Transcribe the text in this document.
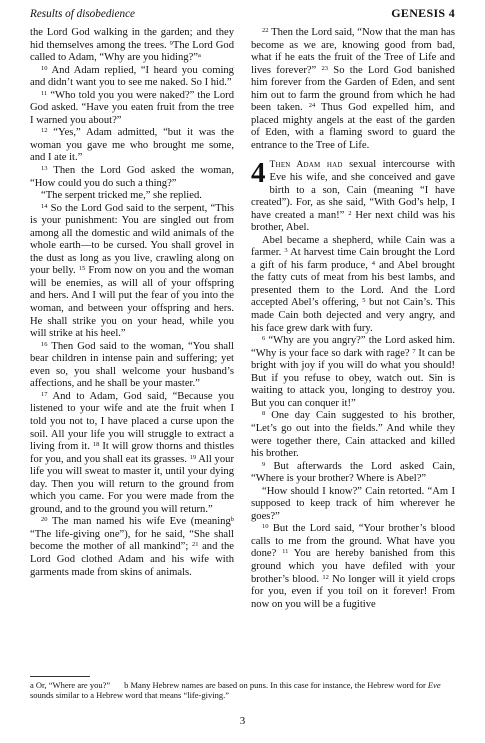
Results of disobedience	GENESIS 4

the Lord God walking in the garden; and they hid themselves among the trees. $^9$The Lord God called to Adam, “Why are you hiding?”$^a$

$^{10}$ And Adam replied, “I heard you coming and didn’t want you to see me naked. So I hid.”

$^{11}$ “Who told you you were naked?” the Lord God asked. “Have you eaten fruit from the tree I warned you about?”

$^{12}$ “Yes,” Adam admitted, “but it was the woman you gave me who brought me some, and I ate it.”

$^{13}$ Then the Lord God asked the woman, “How could you do such a thing?”

“The serpent tricked me,” she replied.

$^{14}$ So the Lord God said to the serpent, “This is your punishment: You are singled out from among all the domestic and wild animals of the whole earth—to be cursed. You shall grovel in the dust as long as you live, crawling along on your belly. $^{15}$ From now on you and the woman will be enemies, as will all of your offspring and hers. And I will put the fear of you into the woman, and between your offspring and hers. He shall strike you on your head, while you will strike at his heel.”

$^{16}$ Then God said to the woman, “You shall bear children in intense pain and suffering; yet even so, you shall welcome your husband’s affections, and he shall be your master.”

$^{17}$ And to Adam, God said, “Because you listened to your wife and ate the fruit when I told you not to, I have placed a curse upon the soil. All your life you will struggle to extract a living from it. $^{18}$ It will grow thorns and thistles for you, and you shall eat its grasses. $^{19}$ All your life you will sweat to master it, until your dying day. Then you will return to the ground from which you came. For you were made from the ground, and to the ground you will return.”

$^{20}$ The man named his wife Eve (meaning$^b$ “The life-giving one”), for he said, “She shall become the mother of all mankind”; $^{21}$ and the Lord God clothed Adam and his wife with garments made from skins of animals.

$^{22}$ Then the Lord said, “Now that the man has become as we are, knowing good from bad, what if he eats the fruit of the Tree of Life and lives forever?” $^{23}$ So the Lord God banished him forever from the Garden of Eden, and sent him out to farm the ground from which he had been taken. $^{24}$ Thus God expelled him, and placed mighty angels at the east of the garden of Eden, with a flaming sword to guard the entrance to the Tree of Life.

4 Then Adam had sexual intercourse with Eve his wife, and she conceived and gave birth to a son, Cain (meaning “I have created”). For, as she said, “With God’s help, I have created a man!” $^2$ Her next child was his brother, Abel.

Abel became a shepherd, while Cain was a farmer. $^3$ At harvest time Cain brought the Lord a gift of his farm produce, $^4$ and Abel brought the fatty cuts of meat from his best lambs, and presented them to the Lord. And the Lord accepted Abel’s offering, $^5$ but not Cain’s. This made Cain both dejected and very angry, and his face grew dark with fury.

$^6$ “Why are you angry?” the Lord asked him. “Why is your face so dark with rage? $^7$ It can be bright with joy if you will do what you should! But if you refuse to obey, watch out. Sin is waiting to attack you, longing to destroy you. But you can conquer it!”

$^8$ One day Cain suggested to his brother, “Let’s go out into the fields.” And while they were together there, Cain attacked and killed his brother.

$^9$ But afterwards the Lord asked Cain, “Where is your brother? Where is Abel?”

“How should I know?” Cain retorted. “Am I supposed to keep track of him wherever he goes?”

$^{10}$ But the Lord said, “Your brother’s blood calls to me from the ground. What have you done? $^{11}$ You are hereby banished from this ground which you have defiled with your brother’s blood. $^{12}$ No longer will it yield crops for you, even if you toil on it forever! From now on you will be a fugitive

a Or, “Where are you?” b Many Hebrew names are based on puns. In this case for instance, the Hebrew word for Eve sounds similar to a Hebrew word that means “life-giving.”

3
